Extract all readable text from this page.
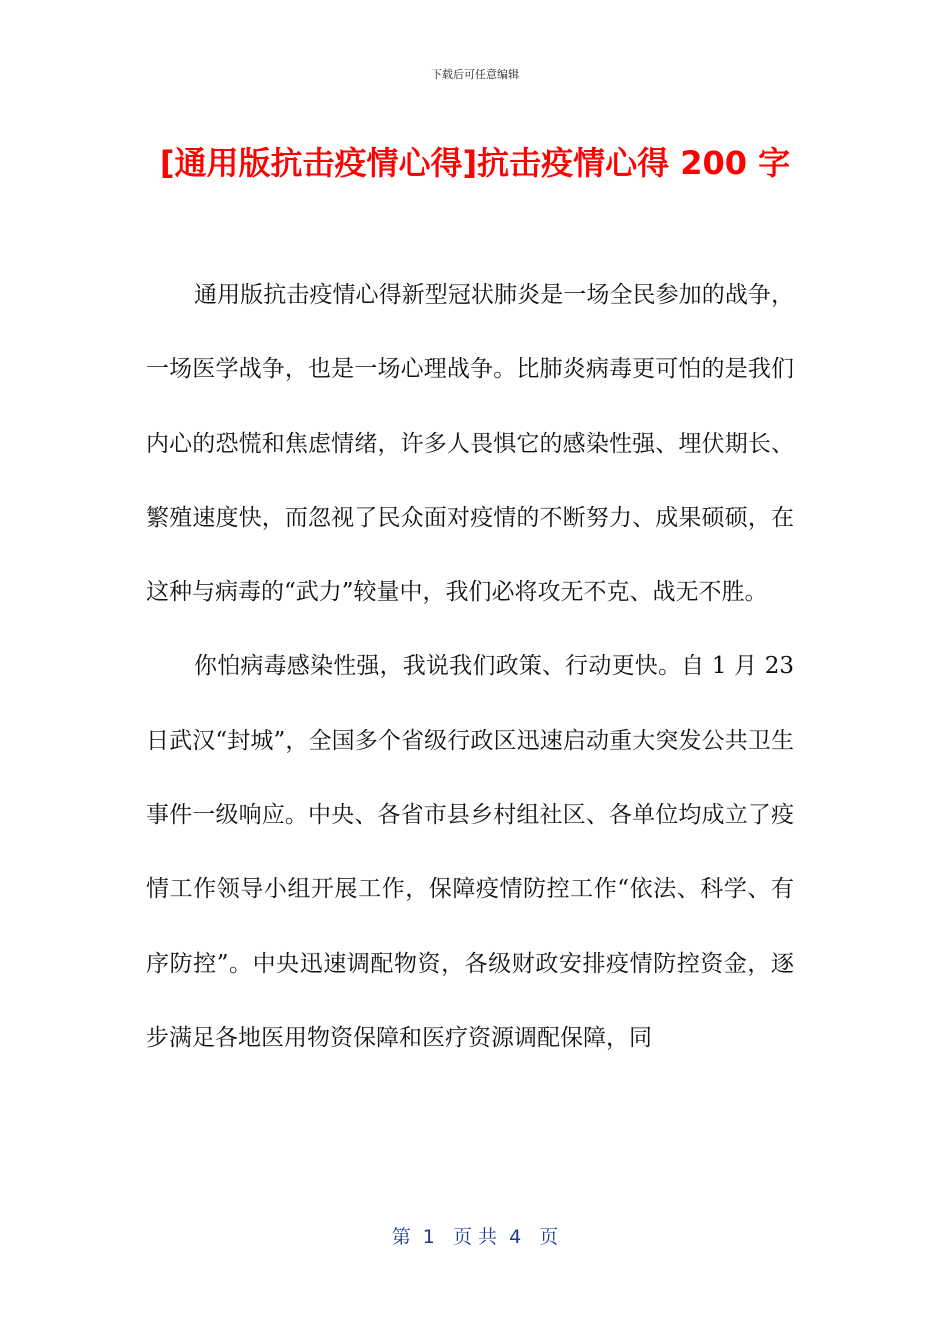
下载后可任意编辑
[通用版抗击疫情心得]抗击疫情心得 200 字

通用版抗击疫情心得新型冠状肺炎是一场全民参加的战争，一场医学战争，也是一场心理战争。比肺炎病毒更可怕的是我们内心的恐慌和焦虑情绪，许多人畏惧它的感染性强、埋伏期长、繁殖速度快，而忽视了民众面对疫情的不断努力、成果硕硕，在这种与病毒的“武力”较量中，我们必将攻无不克、战无不胜。

你怕病毒感染性强，我说我们政策、行动更快。自 1 月 23 日武汉“封城”，全国多个省级行政区迅速启动重大突发公共卫生事件一级响应。中央、各省市县乡村组社区、各单位均成立了疫情工作领导小组开展工作，保障疫情防控工作“依法、科学、有序防控”。中央迅速调配物资，各级财政安排疫情防控资金，逐步满足各地医用物资保障和医疗资源调配保障，同

第  1   页 共  4   页
